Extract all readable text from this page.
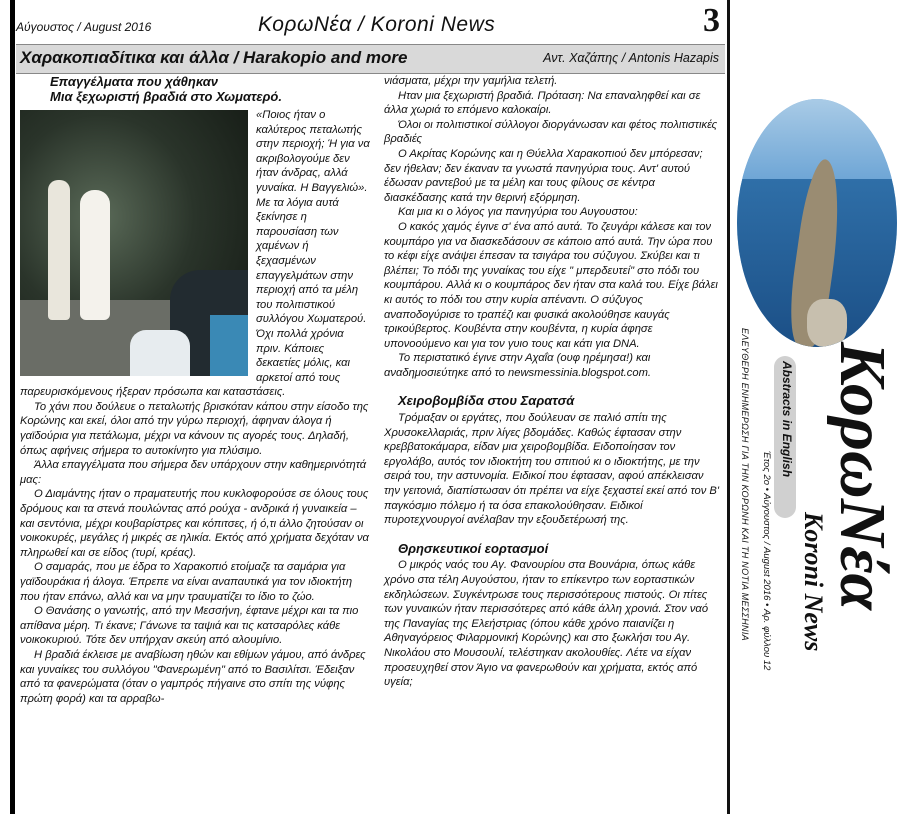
Αύγουστος / August 2016	ΚορωΝέα / Koroni News	3
Χαρακοπιαδίτικα και άλλα / Harakopio and more	Αντ. Χαζάπης / Antonis Hazapis

Επαγγέλματα που χάθηκαν

Μια ξεχωριστή βραδιά στο Χωματερό.

«Ποιος ήταν ο καλύτερος πεταλωτής στην περιοχή; Ή για να ακριβολογούμε δεν ήταν άνδρας, αλλά γυναίκα. Η Βαγγελιώ». Με τα λόγια αυτά ξεκίνησε η παρουσίαση των χαμένων ή ξεχασμένων επαγγελμάτων στην περιοχή από τα μέλη του πολιτιστικού συλλόγου Χωματερού. Όχι πολλά χρόνια πριν. Κάποιες δεκαετίες μόλις, και αρκετοί από τους παρευρισκόμενους ήξεραν πρόσωπα και καταστάσεις.

Το χάνι που δούλευε ο πεταλωτής βρισκόταν κάπου στην είσοδο της Κορώνης και εκεί, όλοι από την γύρω περιοχή, άφηναν άλογα ή γαϊδούρια για πετάλωμα, μέχρι να κάνουν τις αγορές τους. Δηλαδή, όπως αφήνεις σήμερα το αυτοκίνητο για πλύσιμο.

Άλλα επαγγέλματα που σήμερα δεν υπάρχουν στην καθημερινότητά μας:

Ο Διαμάντης ήταν ο πραματευτής που κυκλοφορούσε σε όλους τους δρόμους και τα στενά πουλώντας από ρούχα - ανδρικά ή γυναικεία – και σεντόνια, μέχρι κουβαρίστρες και κόπιτσες, ή ό,τι άλλο ζητούσαν οι νοικοκυρές, μεγάλες ή μικρές σε ηλικία. Εκτός από χρήματα δεχόταν να πληρωθεί και σε είδος (τυρί, κρέας).

Ο σαμαράς, που με έδρα το Χαρακοπιό ετοίμαζε τα σαμάρια για γαϊδουράκια ή άλογα. Έπρεπε να είναι αναπαυτικά για τον ιδιοκτήτη που ήταν επάνω, αλλά και να μην τραυματίζει το ίδιο το ζώο.

Ο Θανάσης ο γανωτής, από την Μεσσήνη, έφτανε μέχρι και τα πιο απίθανα μέρη. Τι έκανε; Γάνωνε τα ταψιά και τις κατσαρόλες κάθε νοικοκυριού. Τότε δεν υπήρχαν σκεύη από αλουμίνιο.

Η βραδιά έκλεισε με αναβίωση ηθών και εθίμων γάμου, από άνδρες και γυναίκες του συλλόγου "Φανερωμένη" από το Βασιλίτσι. Έδειξαν από τα φανερώματα (όταν ο γαμπρός πήγαινε στο σπίτι της νύφης πρώτη φορά) και τα αρραβω-

νιάσματα, μέχρι την γαμήλια τελετή.

Ηταν μια ξεχωριστή βραδιά. Πρόταση: Να επαναληφθεί και σε άλλα χωριά το επόμενο καλοκαίρι.

Όλοι οι πολιτιστικοί σύλλογοι διοργάνωσαν και φέτος πολιτιστικές βραδιές

Ο Ακρίτας Κορώνης και η Θύελλα Χαρακοπιού δεν μπόρεσαν; δεν ήθελαν; δεν έκαναν τα γνωστά πανηγύρια τους. Αντ' αυτού έδωσαν ραντεβού με τα μέλη και τους φίλους σε κέντρα διασκέδασης κατά την θερινή εξόρμηση.

Και μια κι ο λόγος για πανηγύρια του Αυγουστου:

Ο κακός χαμός έγινε σ' ένα από αυτά. Το ζευγάρι κάλεσε και τον κουμπάρο για να διασκεδάσουν σε κάποιο από αυτά. Την ώρα που το κέφι είχε ανάψει έπεσαν τα τσιγάρα του σύζυγου. Σκύβει και τι βλέπει; Το πόδι της γυναίκας του είχε " μπερδευτεί" στο πόδι του κουμπάρου. Αλλά κι ο κουμπάρος δεν ήταν στα καλά του. Είχε βάλει κι αυτός το πόδι του στην κυρία απέναντι. Ο σύζυγος αναποδογύρισε το τραπέζι και φυσικά ακολούθησε καυγάς τρικούβερτος. Κουβέντα στην κουβέντα, η κυρία άφησε υπονοούμενο και για τον γυιο τους και κάτι για DNA.

Το περιστατικό έγινε στην Αχαΐα (ουφ ηρέμησα!) και αναδημοσιεύτηκε από το newsmessinia.blogspot.com.

Χειροβομβίδα στου Σαρατσά

Τρόμαξαν οι εργάτες, που δούλευαν σε παλιό σπίτι της Χρυσοκελλαριάς, πριν λίγες βδομάδες. Καθώς έφτασαν στην κρεββατοκάμαρα, είδαν μια χειροβομβίδα. Ειδοποίησαν τον εργολάβο, αυτός τον ιδιοκτήτη του σπιτιού κι ο ιδιοκτήτης, με την σειρά του, την αστυνομία. Ειδικοί που έφτασαν, αφού απέκλεισαν την γειτονιά, διαπίστωσαν ότι πρέπει να είχε ξεχαστεί εκεί από τον Β' παγκόσμιο πόλεμο ή τα όσα επακολούθησαν. Ειδικοί πυροτεχνουργοί ανέλαβαν την εξουδετέρωσή της.

Θρησκευτικοί εορτασμοί

Ο μικρός ναός του Αγ. Φανουρίου στα Βουνάρια, όπως κάθε χρόνο στα τέλη Αυγούστου, ήταν το επίκεντρο των εορταστικών εκδηλώσεων. Συγκέντρωσε τους περισσότερους πιστούς. Οι πίτες των γυναικών ήταν περισσότερες από κάθε άλλη χρονιά. Στον ναό της Παναγίας της Ελεήστριας (όπου κάθε χρόνο παιανίζει η Αθηναγόρειος Φιλαρμονική Κορώνης) και στο ξωκλήσι του Αγ. Νικολάου στο Μουσουλί, τελέστηκαν ακολουθίες. Λέτε να είχαν προσευχηθεί στον Άγιο να φανερωθούν και χρήματα, εκτός από υγεία;

ΕΛΕΥΘΕΡΗ ΕΝΗΜΕΡΩΣΗ ΓΙΑ ΤΗΝ ΚΟΡΩΝΗ ΚΑΙ ΤΗ ΝΟΤΙΑ ΜΕΣΣΗΝΙΑ Έτος 2ο • Αύγουστος / August 2016 • Αρ. φύλλου 12
Abstracts in English ΚορωΝέα
Koroni News
